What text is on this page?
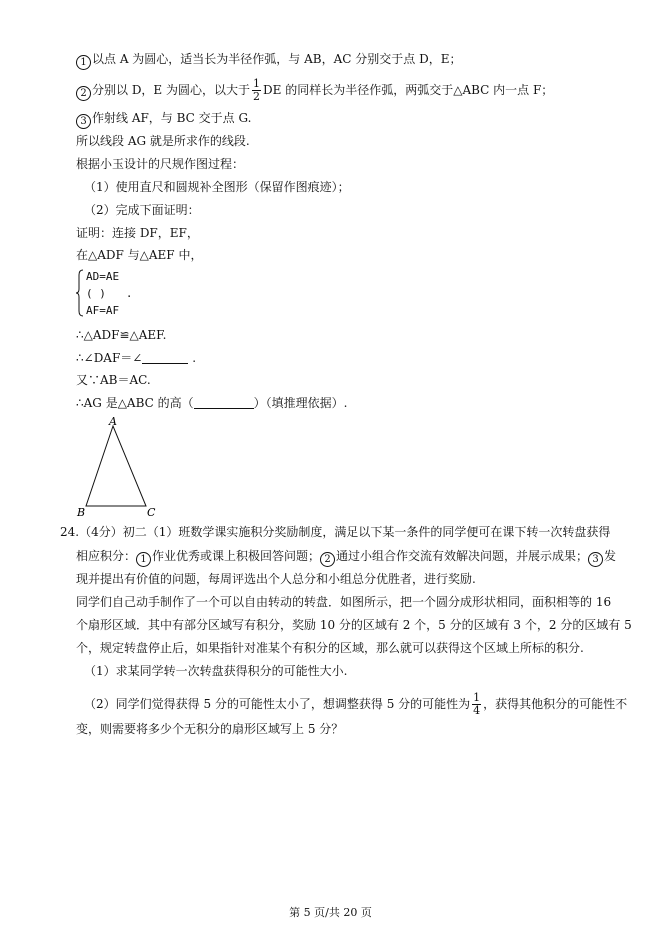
1 以点 A 为圆心，适当长为半径作弧，与 AB，AC 分别交于点 D，E；
2 分别以 D，E 为圆心，以大于 $\frac{1}{2}$ DE 的同样长为半径作弧，两弧交于△ABC 内一点 F；
3 作射线 AF，与 BC 交于点 G.
所以线段 AG 就是所求作的线段.
根据小玉设计的尺规作图过程：
（1）使用直尺和圆规补全图形（保留作图痕迹）；
（2）完成下面证明：
证明：连接 DF，EF，
在△ADF 与△AEF 中，
AD=AE
( ) .
AF=AF
∴△ADF≌△AEF.
∴∠DAF＝∠	.
又∵AB＝AC.
∴AG 是△ABC 的高（	）（填推理依据）.
A
B	C
24.（4分）初二（1）班数学课实施积分奖励制度，满足以下某一条件的同学便可在课下转一次转盘获得
相应积分： 1 作业优秀或课上积极回答问题； 2 通过小组合作交流有效解决问题，并展示成果； 3 发
现并提出有价值的问题，每周评选出个人总分和小组总分优胜者，进行奖励.
同学们自己动手制作了一个可以自由转动的转盘．如图所示，把一个圆分成形状相同，面积相等的 16
个扇形区域．其中有部分区域写有积分，奖励 10 分的区域有 2 个，5 分的区域有 3 个，2 分的区域有 5
个，规定转盘停止后，如果指针对准某个有积分的区域，那么就可以获得这个区域上所标的积分.
（1）求某同学转一次转盘获得积分的可能性大小.
（2）同学们觉得获得 5 分的可能性太小了，想调整获得 5 分的可能性为 $\frac{1}{4}$ ，获得其他积分的可能性不
变，则需要将多少个无积分的扇形区域写上 5 分？
第 5 页/共 20 页
